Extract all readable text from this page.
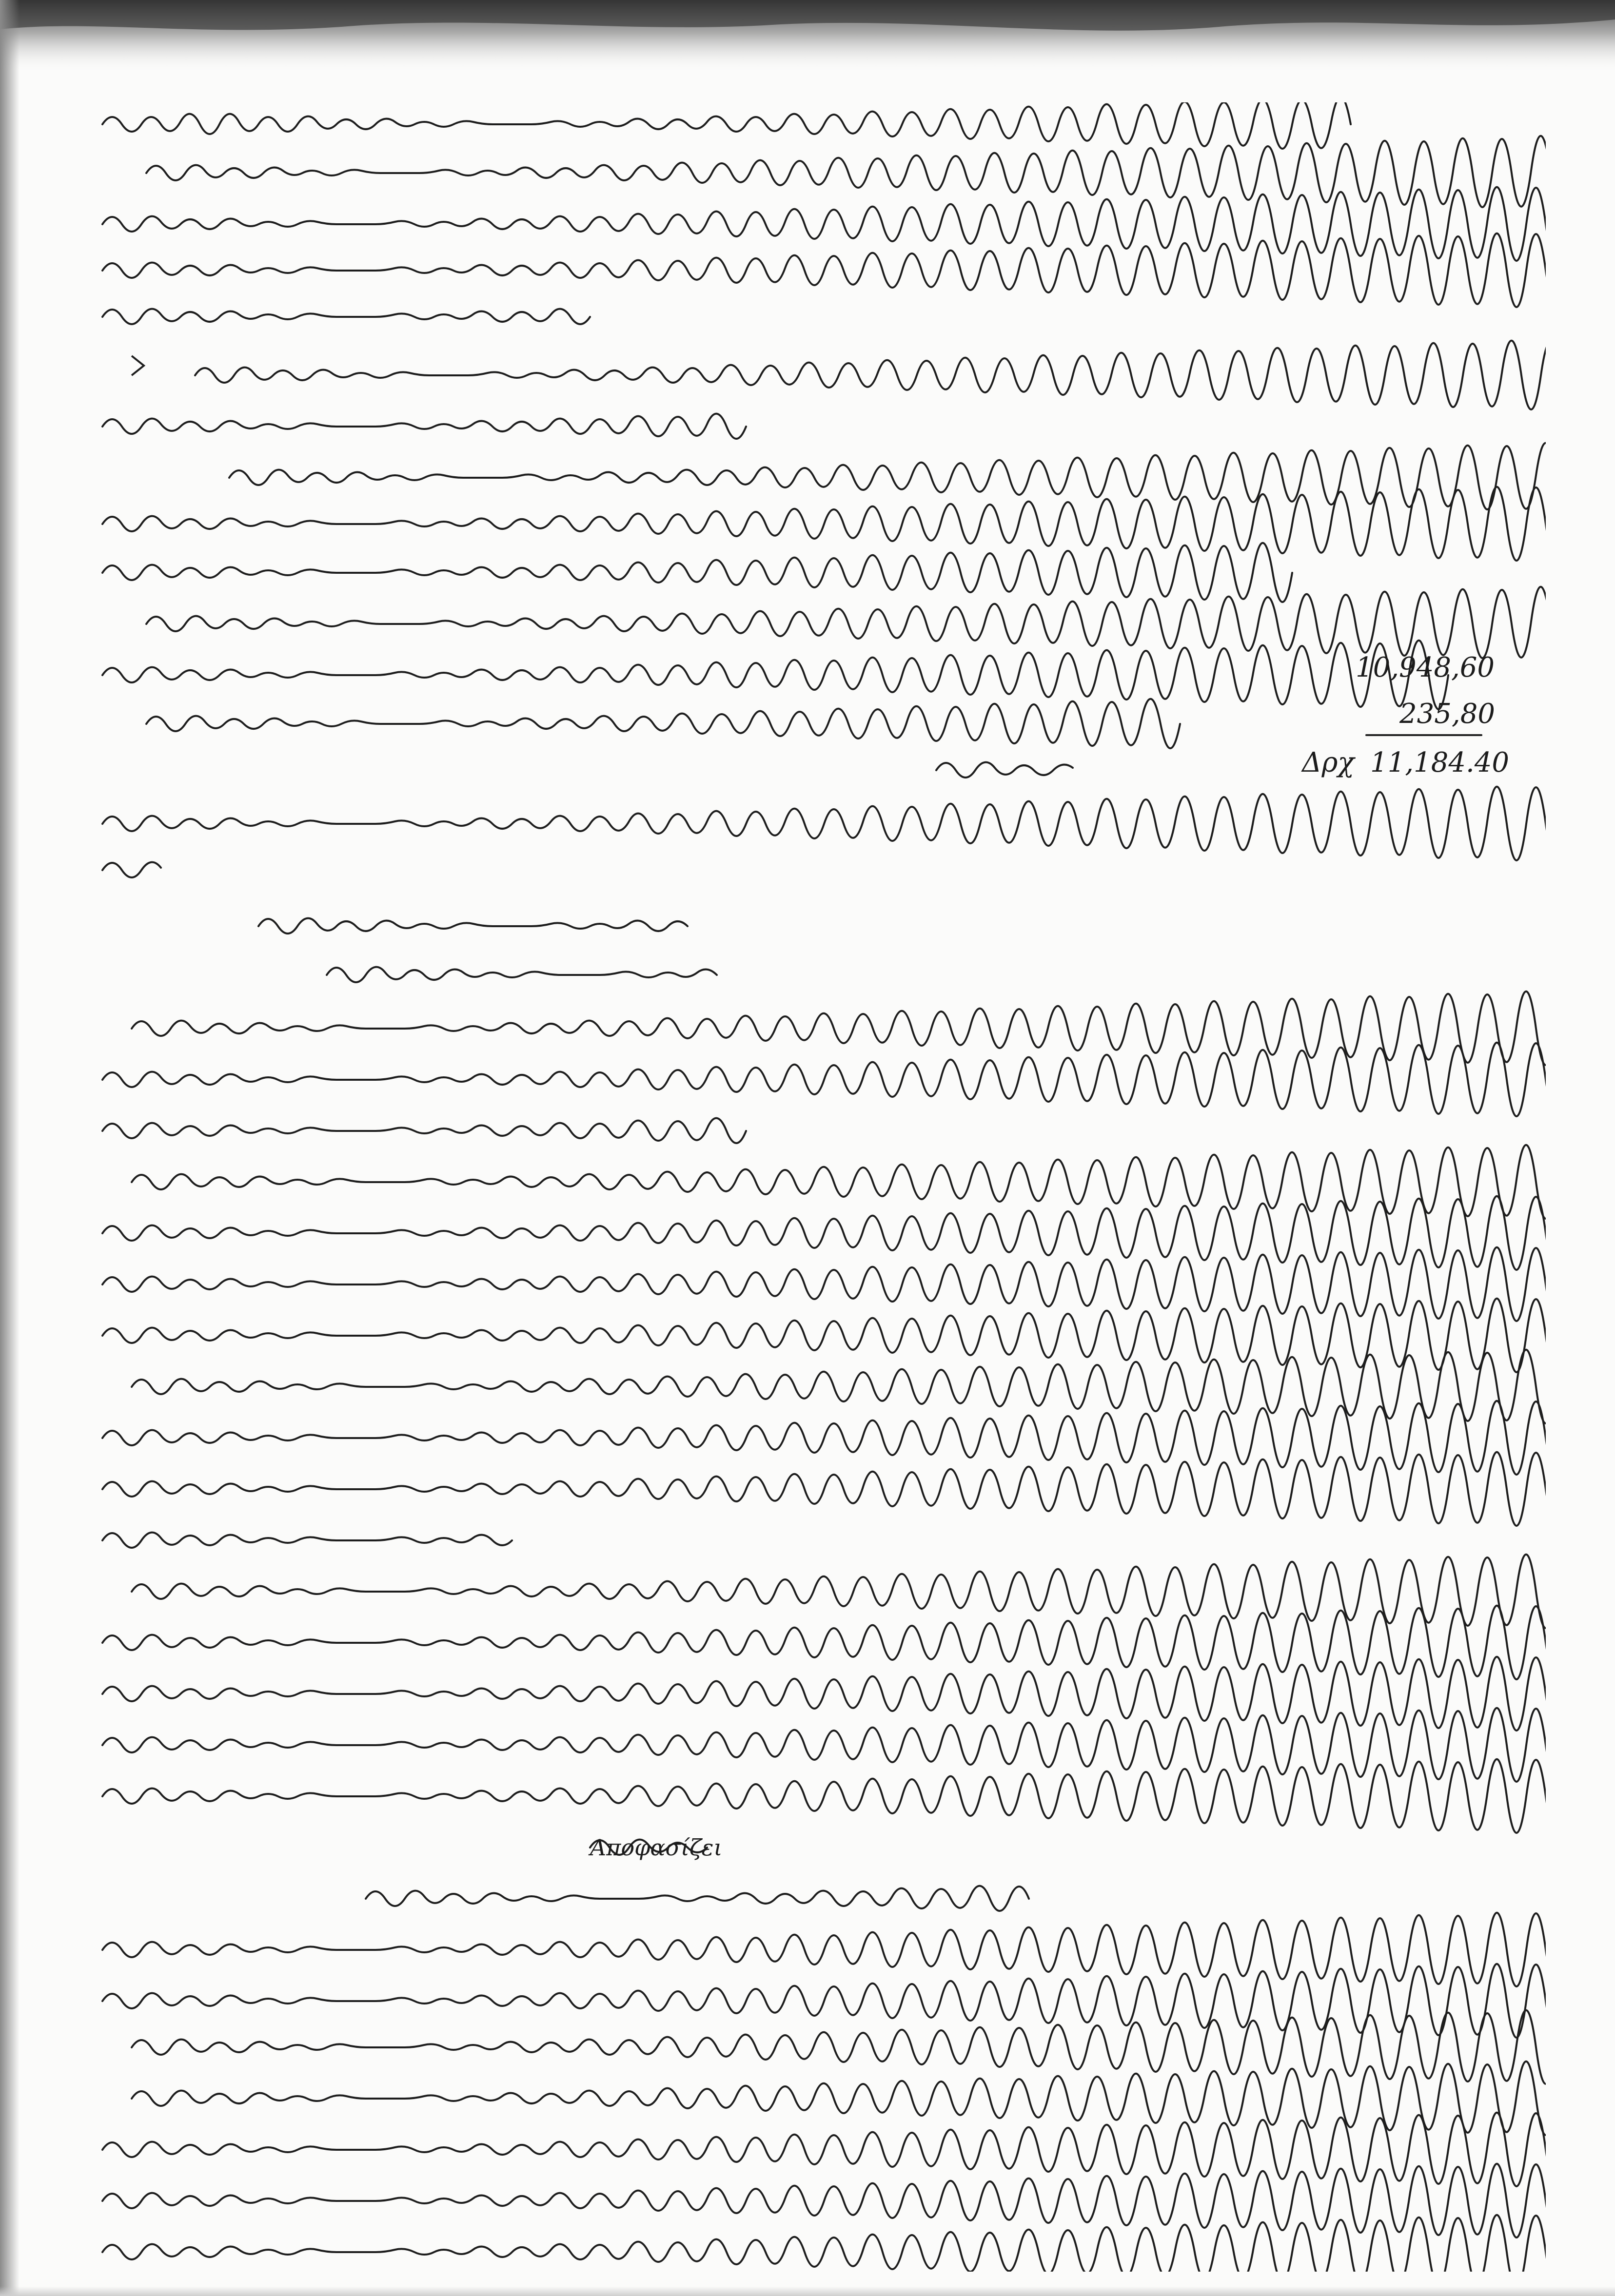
10,948,60
235,80
Δρχ 11,184.40
Αποφασίζει
